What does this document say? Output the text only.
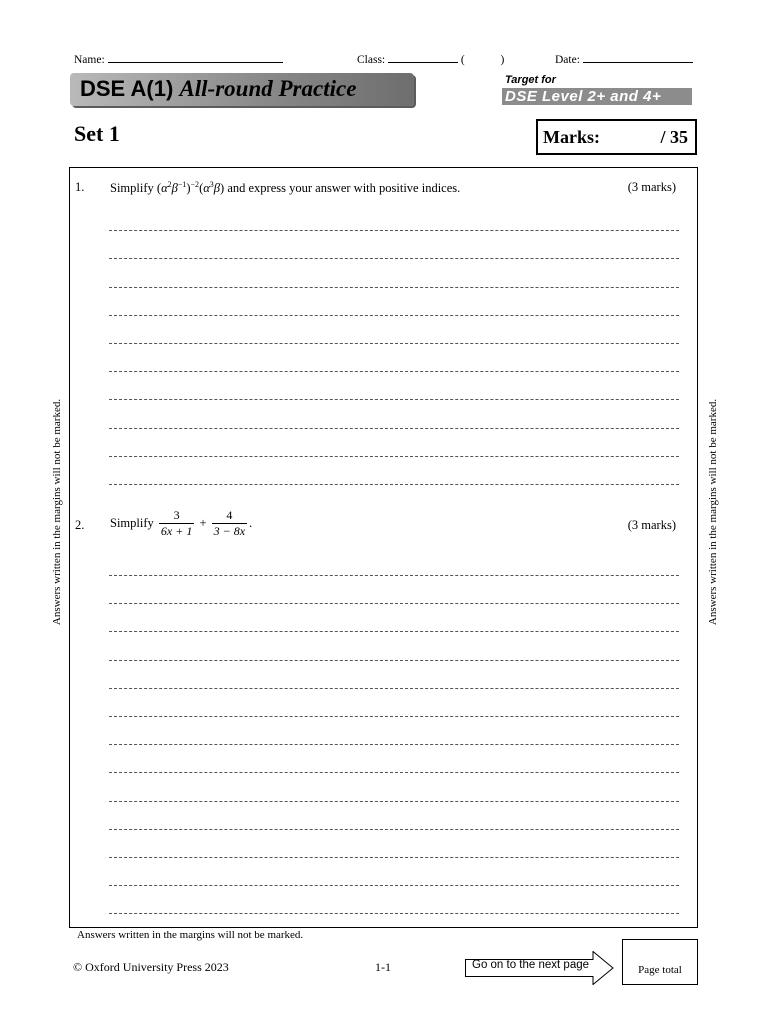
Name:	Class:	(	)	Date:
DSE A(1) All-round Practice	Target for
DSE Level 2+ and 4+
Set 1	Marks:	/ 35
1. Simplify $(\alpha^2\beta^{-1})^{-2}(\alpha^3\beta)$ and express your answer with positive indices.	(3 marks)
2. Simplify $\frac{3}{6x + 1} + \frac{4}{3 - 8x}$ .	(3 marks)
Answers written in the margins will not be marked.	Answers written in the margins will not be marked.
Answers written in the margins will not be marked.
© Oxford University Press 2023	1-1	Go on to the next page	Page total
